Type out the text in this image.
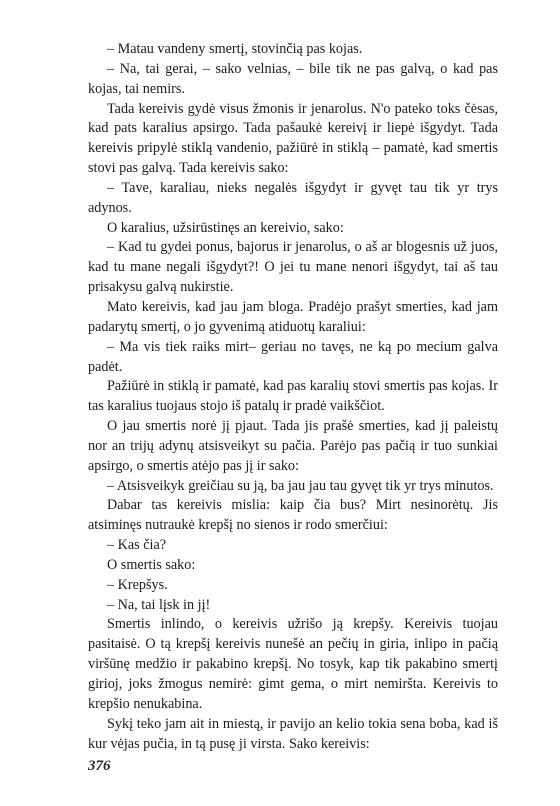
– Matau vandeny smertį, stovinčią pas kojas.

– Na, tai gerai, – sako velnias, – bile tik ne pas galvą, o kad pas kojas, tai nemirs.

Tada kereivis gydė visus žmonis ir jenarolus. N'o pateko toks čėsas, kad pats karalius apsirgo. Tada pašaukė kereivį ir liepė išgydyt. Tada kereivis pripylė stiklą vandenio, pažiūrė in stiklą – pamatė, kad smertis stovi pas galvą. Tada kereivis sako:

– Tave, karaliau, nieks negalės išgydyt ir gyvęt tau tik yr trys adynos.

O karalius, užsirūstinęs an kereivio, sako:

– Kad tu gydei ponus, bajorus ir jenarolus, o aš ar blogesnis už juos, kad tu mane negali išgydyt?! O jei tu mane nenori išgydyt, tai aš tau prisakysu galvą nukirstie.

Mato kereivis, kad jau jam bloga. Pradėjo prašyt smerties, kad jam padarytų smertį, o jo gyvenimą atiduotų karaliui:

– Ma vis tiek raiks mirt– geriau no tavęs, ne ką po mecium galva padėt.

Pažiūrė in stiklą ir pamatė, kad pas karalių stovi smertis pas kojas. Ir tas karalius tuojaus stojo iš patalų ir pradė vaikščiot.

O jau smertis norė jį pjaut. Tada jis prašė smerties, kad jį paleistų nor an trijų adynų atsisveikyt su pačia. Parėjo pas pačią ir tuo sunkiai apsirgo, o smertis atėjo pas jį ir sako:

– Atsisveikyk greičiau su ją, ba jau jau tau gyvęt tik yr trys minutos.

Dabar tas kereivis mislia: kaip čia bus? Mirt nesinorėtų. Jis atsiminęs nutraukė krepšį no sienos ir rodo smerčiui:

– Kas čia?

O smertis sako:

– Krepšys.

– Na, tai lįsk in jį!

Smertis inlindo, o kereivis užrišo ją krepšy. Kereivis tuojau pasitaisė. O tą krepšį kereivis nunešė an pečių in giria, inlipo in pačią viršūnę medžio ir pakabino krepšį. No tosyk, kap tik pakabino smertį girioj, joks žmogus nemirė: gimt gema, o mirt nemiršta. Kereivis to krepšio nenukabina.

Sykį teko jam ait in miestą, ir pavijo an kelio tokia sena boba, kad iš kur vėjas pučia, in tą pusę ji virsta. Sako kereivis:

376
